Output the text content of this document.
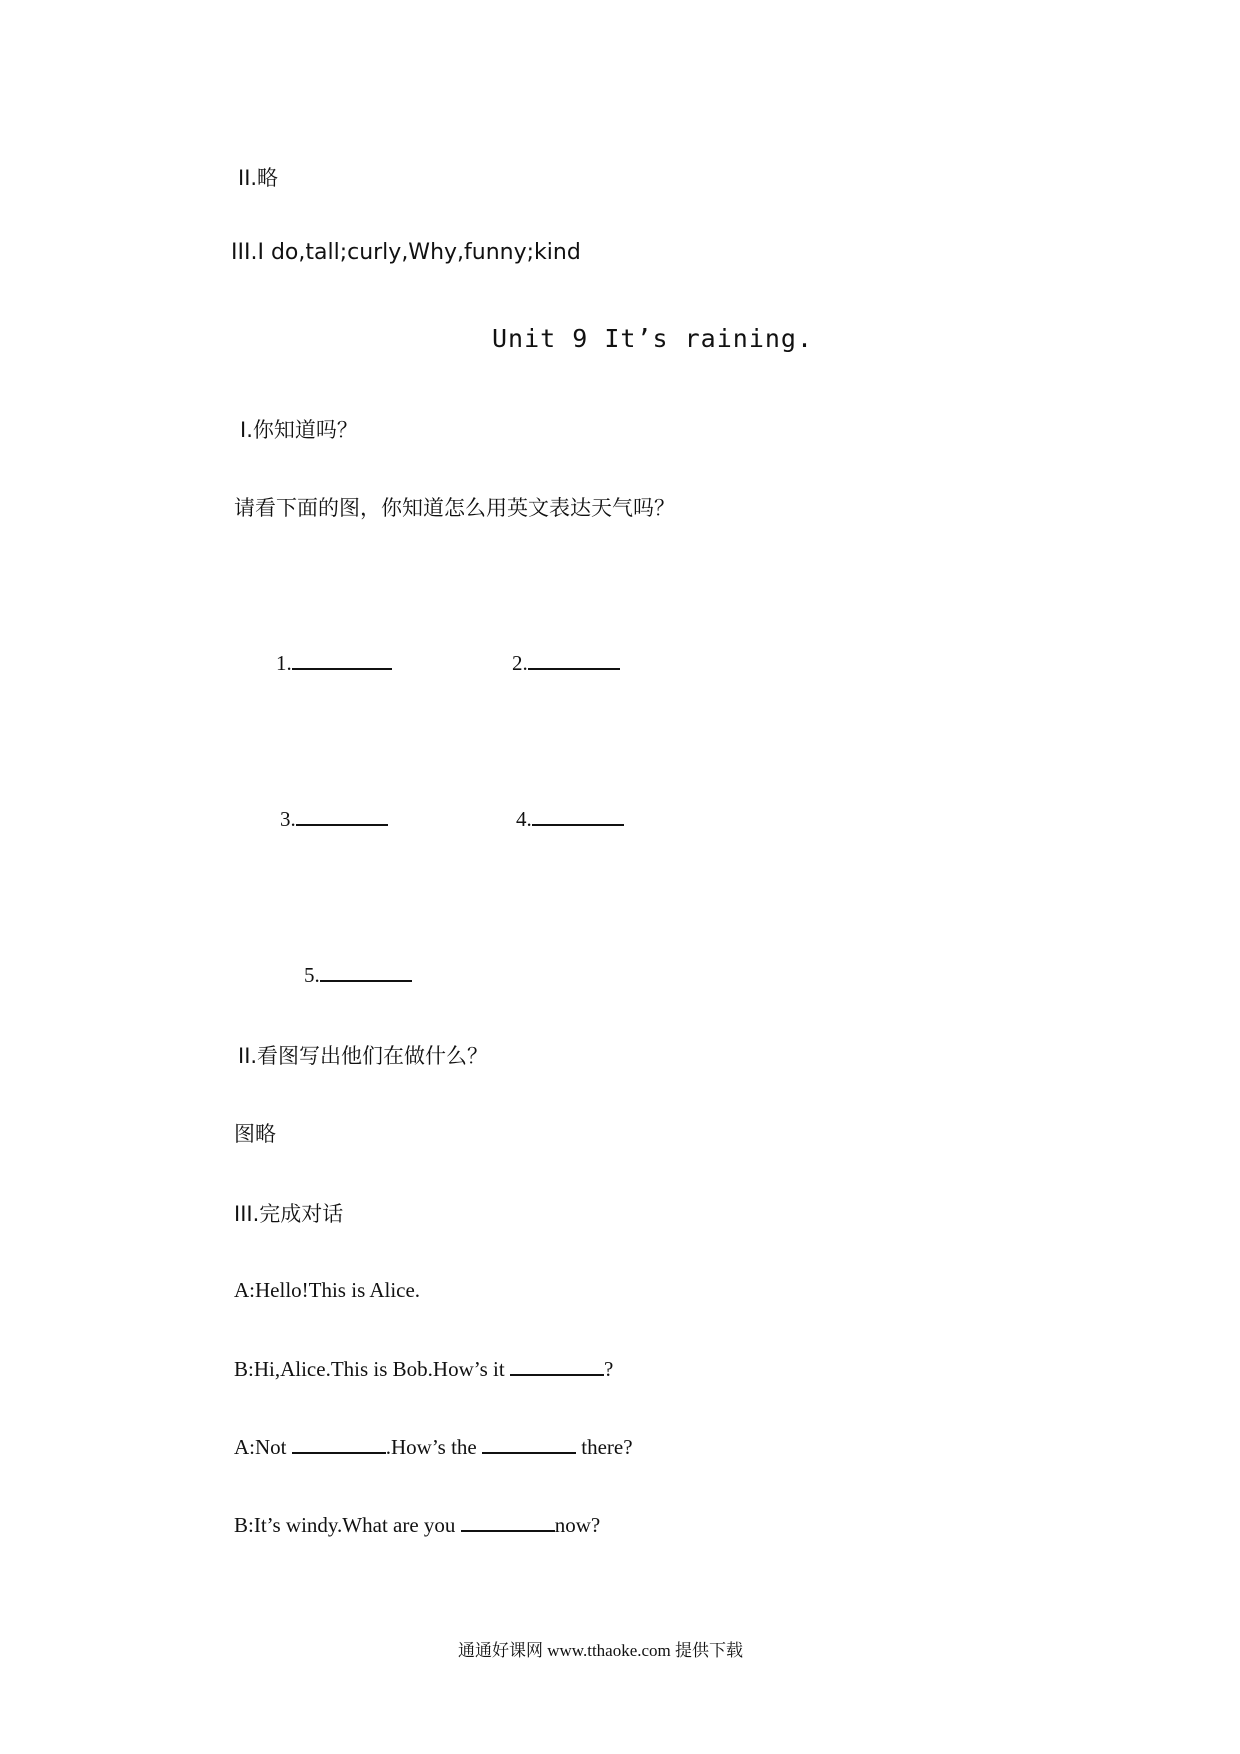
II.略
III.I do,tall;curly,Why,funny;kind
Unit 9 It’s raining.
I.你知道吗？
请看下面的图，你知道怎么用英文表达天气吗？
1.	2.
3.	4.
5.
II.看图写出他们在做什么？
图略
III.完成对话
A:Hello!This is Alice.
B:Hi,Alice.This is Bob.How’s it	?
A:Not	.How’s the	there?
B:It’s windy.What are you	now?
通通好课网 www.tthaoke.com 提供下载
